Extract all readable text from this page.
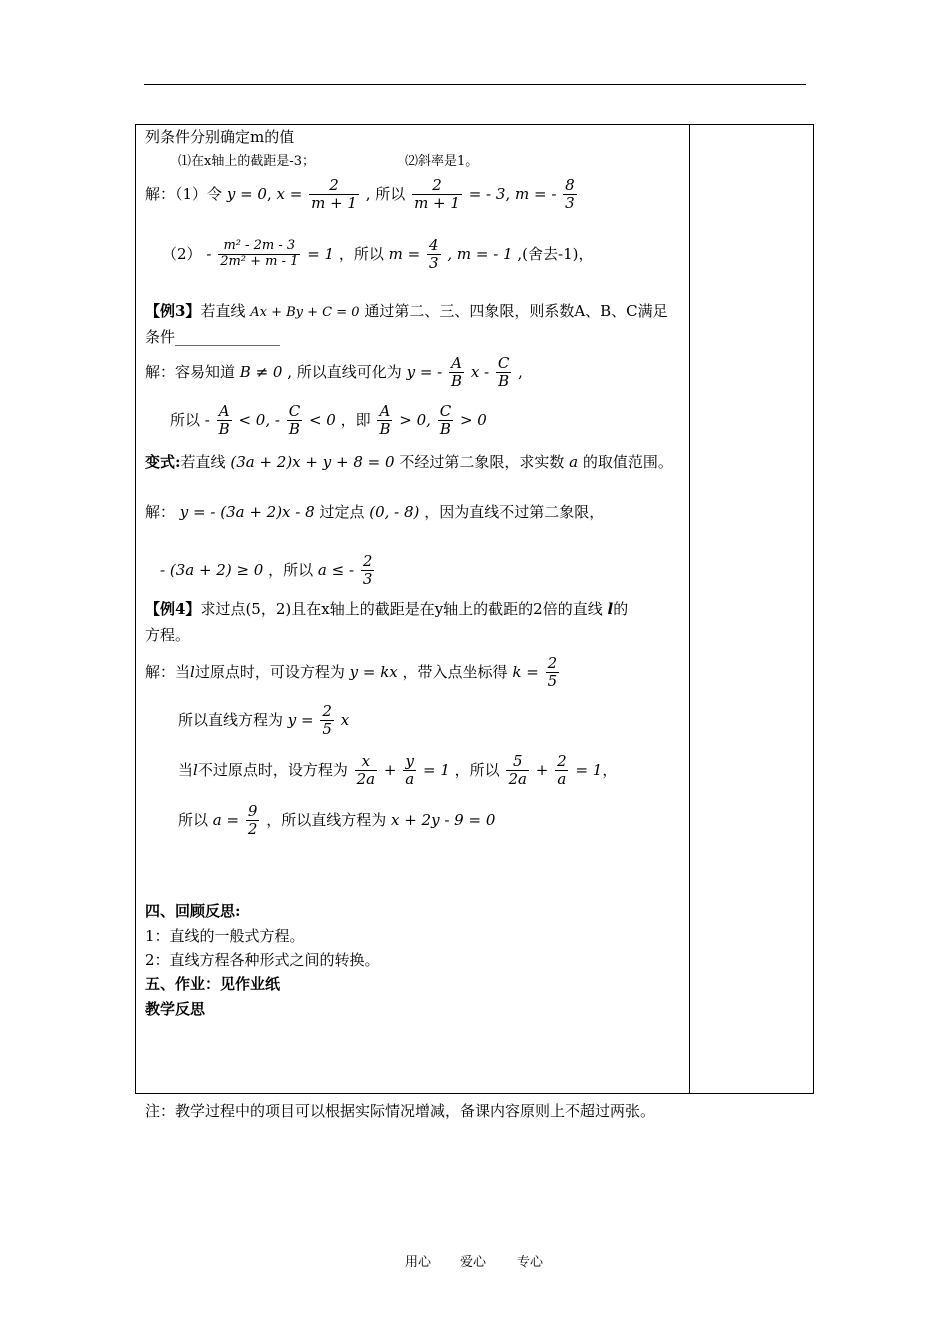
列条件分别确定m的值
⑴在x轴上的截距是-3；	⑵斜率是1。
解：（1）令 y = 0, $x = \frac{2}{m + 1}$ , 所以 $\frac{2}{m + 1}$ = - 3, m = - $\frac{8}{3}$
$(2) - \frac{\text{m² - 2m - 3}}{\text{2m² + m - 1}} = 1$ ，所以 $m = \frac{4}{3}$ , m = - 1 ,(舍去-1)，
【例3】若直线 Ax + By + C = 0 通过第二、三、四象限，则系数A、B、C满足
条件______________
解：容易知道 B ≠ 0 , 所以直线可化为 y = - $\frac{A}{B}$ x - $\frac{C}{B}$ ,
所以 - $\frac{A}{B} < 0$, - $\frac{C}{B} < 0$ ，即 $\frac{A}{B} > 0$, $\frac{C}{B} > 0$
变式:若直线 (3a + 2)x + y + 8 = 0 不经过第二象限，求实数 a 的取值范围。
解： y = - (3a + 2)x - 8 过定点 (0, - 8) ，因为直线不过第二象限，
- (3a + 2) ≥ 0 ，所以 a ≤ - $\frac{2}{3}$
【例4】求过点(5，2)且在x轴上的截距是在y轴上的截距的2倍的直线 l的
方程。
解：当l过原点时，可设方程为 y = kx ，带入点坐标得 $k = \frac{2}{5}$
所以直线方程为 $y = \frac{2}{5}$ x
当l不过原点时，设方程为 $\frac{x}{2a} + \frac{y}{a} = 1$ ，所以 $\frac{5}{2a} + \frac{2}{a} = 1$，
所以 $a = \frac{9}{2}$ ，所以直线方程为 x + 2y - 9 = 0
四、回顾反思:
1：直线的一般式方程。
2：直线方程各种形式之间的转换。
五、作业：见作业纸
教学反思
注：教学过程中的项目可以根据实际情况增减，备课内容原则上不超过两张。
用心 爱心 专心
